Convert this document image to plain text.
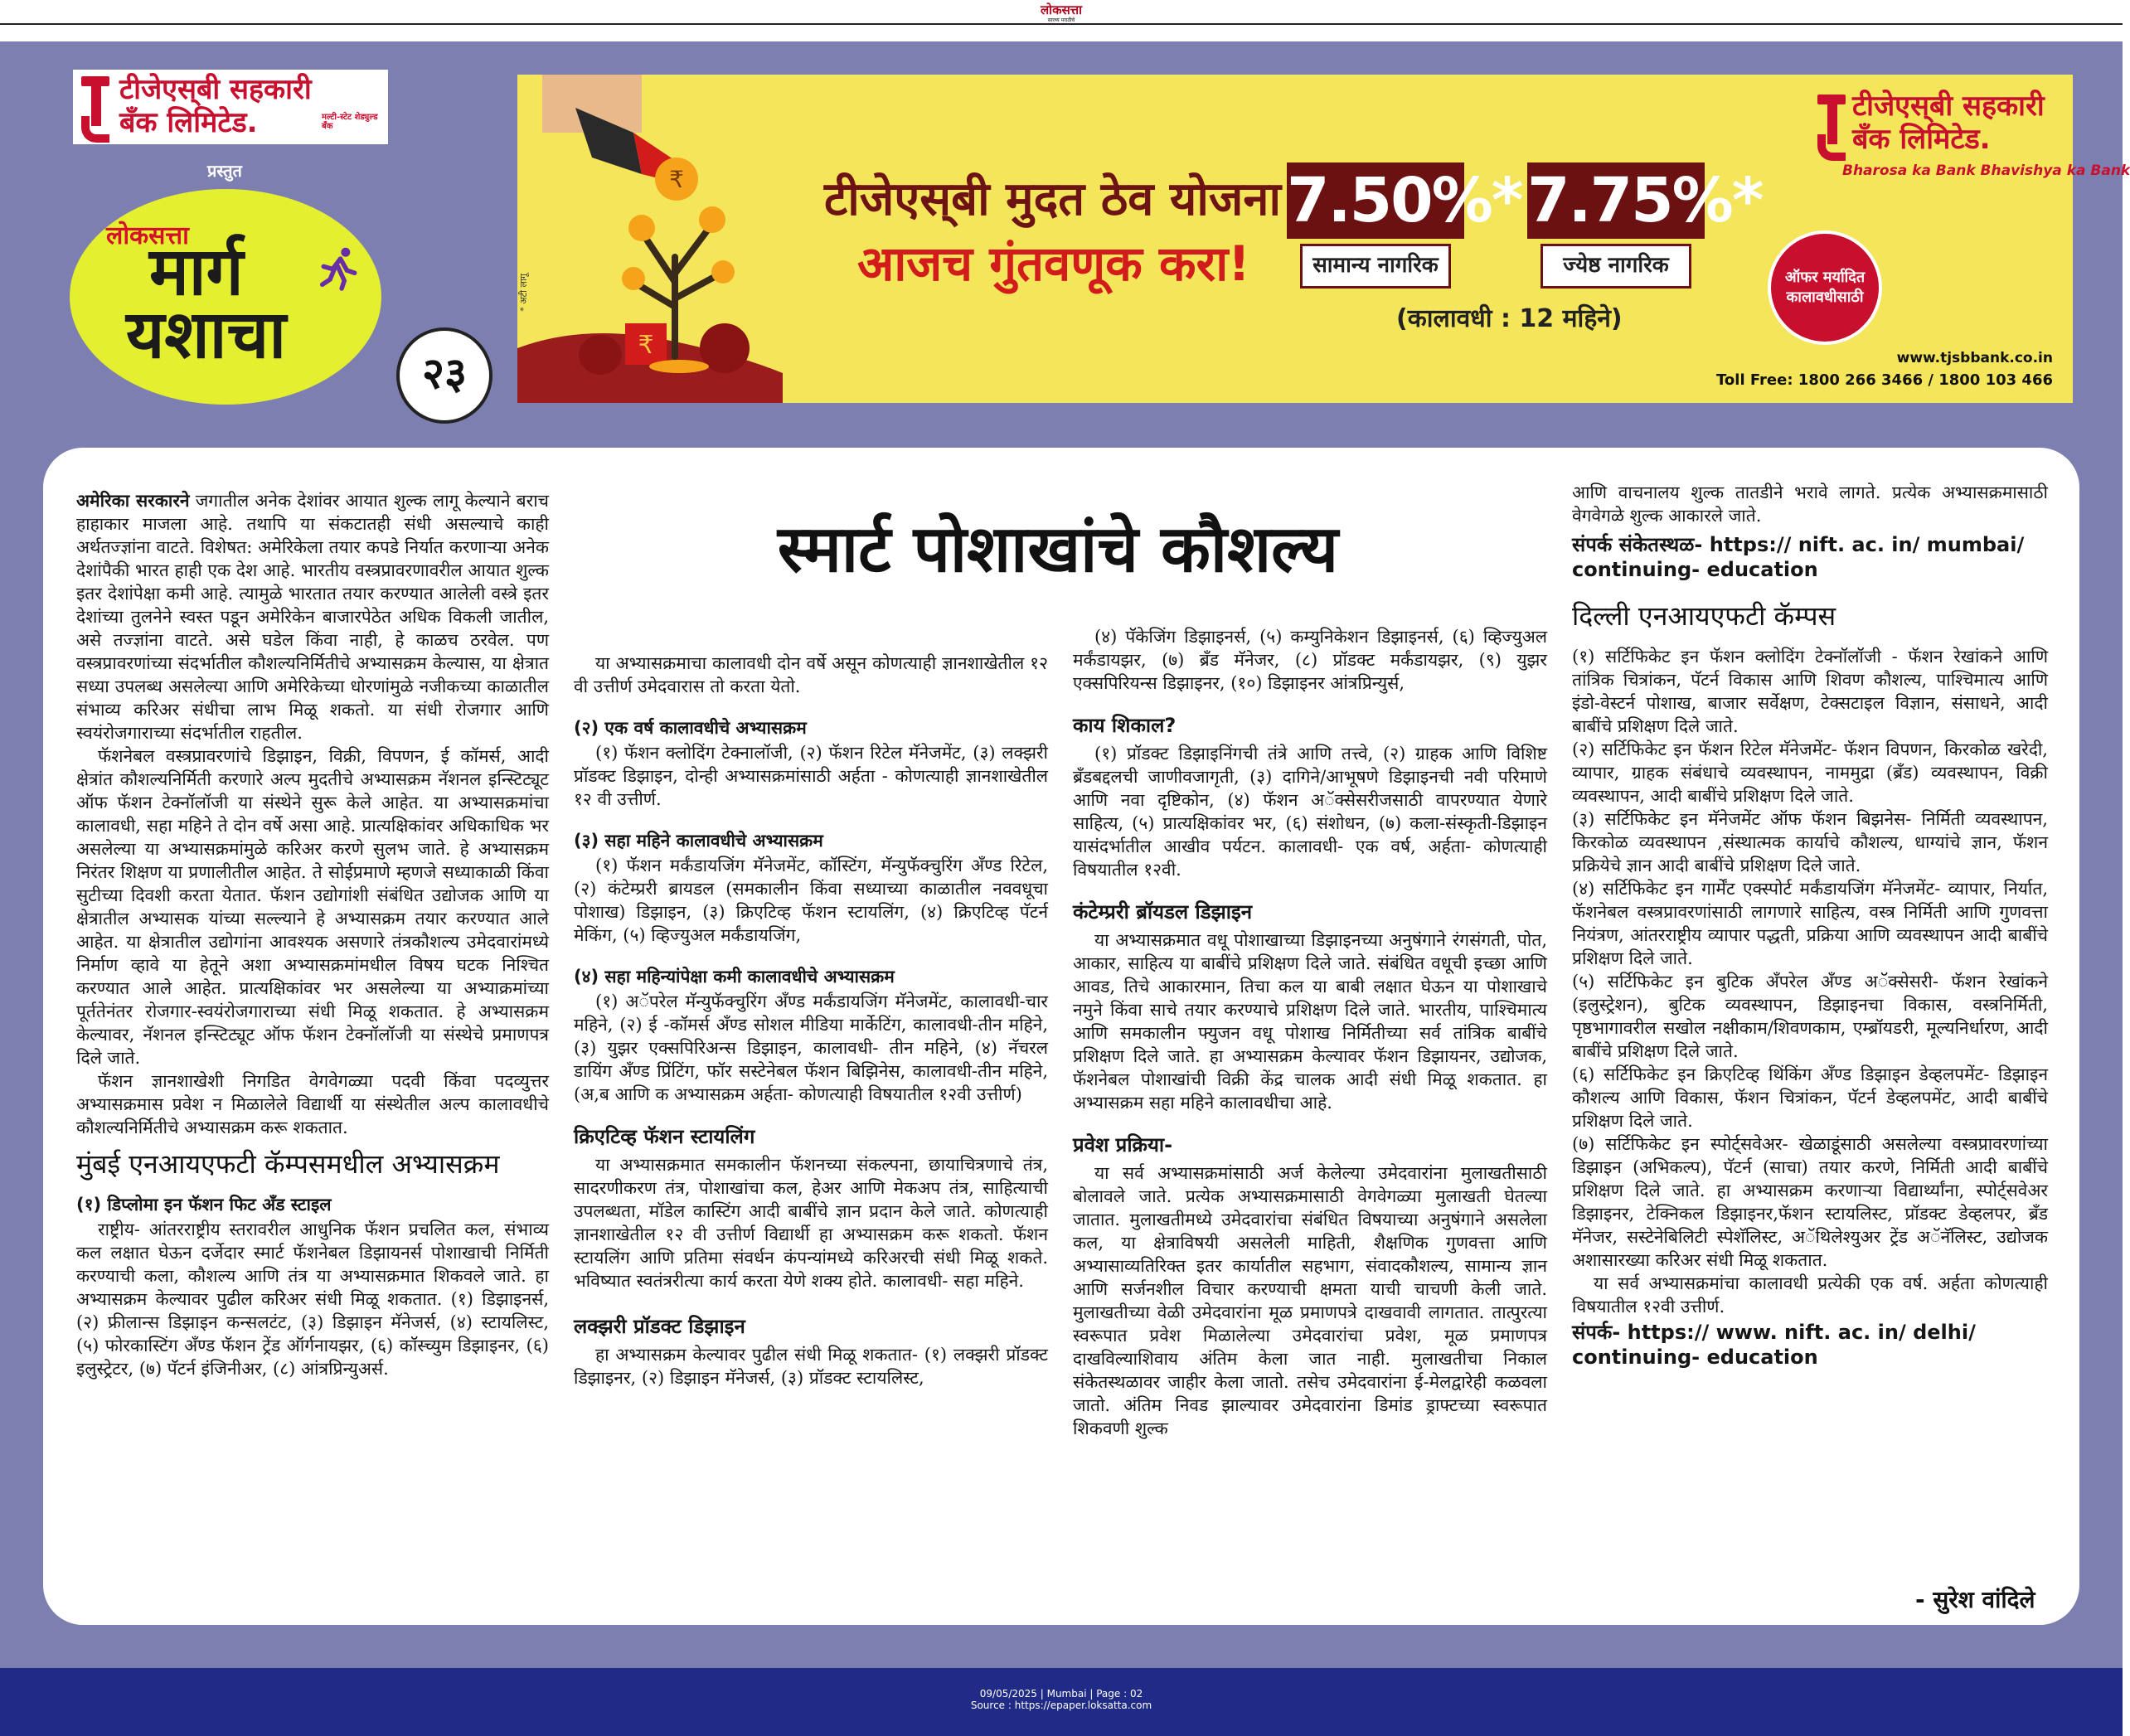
लोकसत्ता
सारथ्य मराठीचे
टीजेएस्‌बी सहकारी
बँक लिमिटेड.	मल्टी-स्टेट शेड्युल्ड बँक
प्रस्तुत
लोकसत्ता
मार्ग
यशाचा
२३
₹
₹
* अटी लागू
टीजेएस्‌बी मुदत ठेव योजना
आजच गुंतवणूक करा!
7.50%*
सामान्य नागरिक
7.75%*
ज्येष्ठ नागरिक
(कालावधी : 12 महिने)
टीजेएस्‌बी सहकारी
बँक लिमिटेड.
Bharosa ka Bank Bhavishya ka Bank
ऑफर मर्यादित कालावधीसाठी
www.tjsbbank.co.in
Toll Free: 1800 266 3466 / 1800 103 466
स्मार्ट पोशाखांचे कौशल्य

अमेरिका सरकारने जगातील अनेक देशांवर आयात शुल्क लागू केल्याने बराच हाहाकार माजला आहे. तथापि या संकटातही संधी असल्याचे काही अर्थतज्ज्ञांना वाटते. विशेषत: अमेरिकेला तयार कपडे निर्यात करणाऱ्या अनेक देशांपैकी भारत हाही एक देश आहे. भारतीय वस्त्रप्रावरणावरील आयात शुल्क इतर देशांपेक्षा कमी आहे. त्यामुळे भारतात तयार करण्यात आलेली वस्त्रे इतर देशांच्या तुलनेने स्वस्त पडून अमेरिकेन बाजारपेठेत अधिक विकली जातील, असे तज्ज्ञांना वाटते. असे घडेल किंवा नाही, हे काळच ठरवेल. पण वस्त्रप्रावरणांच्या संदर्भातील कौशल्यनिर्मितीचे अभ्यासक्रम केल्यास, या क्षेत्रात सध्या उपलब्ध असलेल्या आणि अमेरिकेच्या धोरणांमुळे नजीकच्या काळातील संभाव्य करिअर संधीचा लाभ मिळू शकतो. या संधी रोजगार आणि स्वयंरोजगाराच्या संदर्भातील राहतील.

फॅशनेबल वस्त्रप्रावरणांचे डिझाइन, विक्री, विपणन, ई कॉमर्स, आदी क्षेत्रांत कौशल्यनिर्मिती करणारे अल्प मुदतीचे अभ्यासक्रम नॅशनल इन्स्टिट्यूट ऑफ फॅशन टेक्नॉलॉजी या संस्थेने सुरू केले आहेत. या अभ्यासक्रमांचा कालावधी, सहा महिने ते दोन वर्षे असा आहे. प्रात्यक्षिकांवर अधिकाधिक भर असलेल्या या अभ्यासक्रमांमुळे करिअर करणे सुलभ जाते. हे अभ्यासक्रम निरंतर शिक्षण या प्रणालीतील आहेत. ते सोईप्रमाणे म्हणजे सध्याकाळी किंवा सुटीच्या दिवशी करता येतात. फॅशन उद्योगांशी संबंधित उद्योजक आणि या क्षेत्रातील अभ्यासक यांच्या सल्ल्याने हे अभ्यासक्रम तयार करण्यात आले आहेत. या क्षेत्रातील उद्योगांना आवश्यक असणारे तंत्रकौशल्य उमेदवारांमध्ये निर्माण व्हावे या हेतूने अशा अभ्यासक्रमांमधील विषय घटक निश्चित करण्यात आले आहेत. प्रात्यक्षिकांवर भर असलेल्या या अभ्याक्रमांच्या पूर्ततेनंतर रोजगार-स्वयंरोजगाराच्या संधी मिळू शकतात. हे अभ्यासक्रम केल्यावर, नॅशनल इन्स्टिट्यूट ऑफ फॅशन टेक्नॉलॉजी या संस्थेचे प्रमाणपत्र दिले जाते.

फॅशन ज्ञानशाखेशी निगडित वेगवेगळ्या पदवी किंवा पदव्युत्तर अभ्यासक्रमास प्रवेश न मिळालेले विद्यार्थी या संस्थेतील अल्प कालावधीचे कौशल्यनिर्मितीचे अभ्यासक्रम करू शकतात.

मुंबई एनआयएफटी कॅम्पसमधील अभ्यासक्रम
(१) डिप्लोमा इन फॅशन फिट अँड स्टाइल

राष्ट्रीय- आंतरराष्ट्रीय स्तरावरील आधुनिक फॅशन प्रचलित कल, संभाव्य कल लक्षात घेऊन दर्जेदार स्मार्ट फॅशनेबल डिझायनर्स पोशाखाची निर्मिती करण्याची कला, कौशल्य आणि तंत्र या अभ्यासक्रमात शिकवले जाते. हा अभ्यासक्रम केल्यावर पुढील करिअर संधी मिळू शकतात. (१) डिझाइनर्स, (२) फ्रीलान्स डिझाइन कन्सलटंट, (३) डिझाइन मॅनेजर्स, (४) स्टायलिस्ट, (५) फोरकास्टिंग अँण्ड फॅशन ट्रेंड ऑर्गनायझर, (६) कॉस्च्युम डिझाइनर, (६) इलुस्ट्रेटर, (७) पॅटर्न इंजिनीअर, (८) आंत्रप्रिन्युअर्स.

या अभ्यासक्रमाचा कालावधी दोन वर्षे असून कोणत्याही ज्ञानशाखेतील १२ वी उत्तीर्ण उमेदवारास तो करता येतो.

(२) एक वर्ष कालावधीचे अभ्यासक्रम

(१) फॅशन क्लोदिंग टेक्नालॉजी, (२) फॅशन रिटेल मॅनेजमेंट, (३) लक्झरी प्रॉडक्ट डिझाइन, दोन्ही अभ्यासक्रमांसाठी अर्हता - कोणत्याही ज्ञानशाखेतील १२ वी उत्तीर्ण.

(३) सहा महिने कालावधीचे अभ्यासक्रम

(१) फॅशन मर्कंडायजिंग मॅनेजमेंट, कॉस्टिंग, मॅन्युफॅक्चुरिंग अँण्ड रिटेल, (२) कंटेम्प्ररी ब्रायडल (समकालीन किंवा सध्याच्या काळातील नववधूचा पोशाख) डिझाइन, (३) क्रिएटिव्ह फॅशन स्टायलिंग, (४) क्रिएटिव्ह पॅटर्न मेकिंग, (५) व्हिज्युअल मर्कंडायजिंग,

(४) सहा महिन्यांपेक्षा कमी कालावधीचे अभ्यासक्रम

(१) अॅपरेल मॅन्युफॅक्चुरिंग अँण्ड मर्कंडायजिंग मॅनेजमेंट, कालावधी-चार महिने, (२) ई -कॉमर्स अँण्ड सोशल मीडिया मार्केटिंग, कालावधी-तीन महिने, (३) युझर एक्सपिरिअन्स डिझाइन, कालावधी- तीन महिने, (४) नॅचरल डायिंग अँण्ड प्रिंटिंग, फॉर सस्टेनेबल फॅशन बिझिनेस, कालावधी-तीन महिने, (अ,ब आणि क अभ्यासक्रम अर्हता- कोणत्याही विषयातील १२वी उत्तीर्ण)

क्रिएटिव्ह फॅशन स्टायलिंग

या अभ्यासक्रमात समकालीन फॅशनच्या संकल्पना, छायाचित्रणाचे तंत्र, सादरणीकरण तंत्र, पोशाखांचा कल, हेअर आणि मेकअप तंत्र, साहित्याची उपलब्धता, मॉडेल कास्टिंग आदी बाबींचे ज्ञान प्रदान केले जाते. कोणत्याही ज्ञानशाखेतील १२ वी उत्तीर्ण विद्यार्थी हा अभ्यासक्रम करू शकतो. फॅशन स्टायलिंग आणि प्रतिमा संवर्धन कंपन्यांमध्ये करिअरची संधी मिळू शकते. भविष्यात स्वतंत्ररीत्या कार्य करता येणे शक्य होते. कालावधी- सहा महिने.

लक्झरी प्रॉडक्ट डिझाइन

हा अभ्यासक्रम केल्यावर पुढील संधी मिळू शकतात- (१) लक्झरी प्रॉडक्ट डिझाइनर, (२) डिझाइन मॅनेजर्स, (३) प्रॉडक्ट स्टायलिस्ट,

(४) पॅकेजिंग डिझाइनर्स, (५) कम्युनिकेशन डिझाइनर्स, (६) व्हिज्युअल मर्कंडायझर, (७) ब्रँड मॅनेजर, (८) प्रॉडक्ट मर्कंडायझर, (९) युझर एक्सपिरियन्स डिझाइनर, (१०) डिझाइनर आंत्रप्रिन्युर्स,

काय शिकाल?

(१) प्रॉडक्ट डिझाइनिंगची तंत्रे आणि तत्त्वे, (२) ग्राहक आणि विशिष्ट ब्रँडबद्दलची जाणीवजागृती, (३) दागिने/आभूषणे डिझाइनची नवी परिमाणे आणि नवा दृष्टिकोन, (४) फॅशन अॅक्सेसरीजसाठी वापरण्यात येणारे साहित्य, (५) प्रात्यक्षिकांवर भर, (६) संशोधन, (७) कला-संस्कृती-डिझाइन यासंदर्भातील आखीव पर्यटन. कालावधी- एक वर्ष, अर्हता- कोणत्याही विषयातील १२वी.

कंटेम्प्ररी ब्रॉयडल डिझाइन

या अभ्यासक्रमात वधू पोशाखाच्या डिझाइनच्या अनुषंगाने रंगसंगती, पोत, आकार, साहित्य या बाबींचे प्रशिक्षण दिले जाते. संबंधित वधूची इच्छा आणि आवड, तिचे आकारमान, तिचा कल या बाबी लक्षात घेऊन या पोशाखाचे नमुने किंवा साचे तयार करण्याचे प्रशिक्षण दिले जाते. भारतीय, पाश्चिमात्य आणि समकालीन फ्युजन वधू पोशाख निर्मितीच्या सर्व तांत्रिक बाबींचे प्रशिक्षण दिले जाते. हा अभ्यासक्रम केल्यावर फॅशन डिझायनर, उद्योजक, फॅशनेबल पोशाखांची विक्री केंद्र चालक आदी संधी मिळू शकतात. हा अभ्यासक्रम सहा महिने कालावधीचा आहे.

प्रवेश प्रक्रिया-

या सर्व अभ्यासक्रमांसाठी अर्ज केलेल्या उमेदवारांना मुलाखतीसाठी बोलावले जाते. प्रत्येक अभ्यासक्रमासाठी वेगवेगळ्या मुलाखती घेतल्या जातात. मुलाखतीमध्ये उमेदवारांचा संबंधित विषयाच्या अनुषंगाने असलेला कल, या क्षेत्राविषयी असलेली माहिती, शैक्षणिक गुणवत्ता आणि अभ्यासाव्यतिरिक्त इतर कार्यातील सहभाग, संवादकौशल्य, सामान्य ज्ञान आणि सर्जनशील विचार करण्याची क्षमता याची चाचणी केली जाते. मुलाखतीच्या वेळी उमेदवारांना मूळ प्रमाणपत्रे दाखवावी लागतात. तात्पुरत्या स्वरूपात प्रवेश मिळालेल्या उमेदवारांचा प्रवेश, मूळ प्रमाणपत्र दाखविल्याशिवाय अंतिम केला जात नाही. मुलाखतीचा निकाल संकेतस्थळावर जाहीर केला जातो. तसेच उमेदवारांना ई-मेलद्वारेही कळवला जातो. अंतिम निवड झाल्यावर उमेदवारांना डिमांड ड्राफ्टच्या स्वरूपात शिकवणी शुल्क

आणि वाचनालय शुल्क तातडीने भरावे लागते. प्रत्येक अभ्यासक्रमासाठी वेगवेगळे शुल्क आकारले जाते.

संपर्क संकेतस्थळ- https:// nift. ac. in/ mumbai/ continuing- education
दिल्ली एनआयएफटी कॅम्पस

(१) सर्टिफिकेट इन फॅशन क्लोदिंग टेक्नॉलॉजी - फॅशन रेखांकने आणि तांत्रिक चित्रांकन, पॅटर्न विकास आणि शिवण कौशल्य, पाश्चिमात्य आणि इंडो-वेस्टर्न पोशाख, बाजार सर्वेक्षण, टेक्सटाइल विज्ञान, संसाधने, आदी बाबींचे प्रशिक्षण दिले जाते.

(२) सर्टिफिकेट इन फॅशन रिटेल मॅनेजमेंट- फॅशन विपणन, किरकोळ खरेदी, व्यापार, ग्राहक संबंधाचे व्यवस्थापन, नाममुद्रा (ब्रँड) व्यवस्थापन, विक्री व्यवस्थापन, आदी बाबींचे प्रशिक्षण दिले जाते.

(३) सर्टिफिकेट इन मॅनेजमेंट ऑफ फॅशन बिझनेस- निर्मिती व्यवस्थापन, किरकोळ व्यवस्थापन ,संस्थात्मक कार्याचे कौशल्य, धाग्यांचे ज्ञान, फॅशन प्रक्रियेचे ज्ञान आदी बाबींचे प्रशिक्षण दिले जाते.

(४) सर्टिफिकेट इन गार्मेंट एक्स्पोर्ट मर्कंडायजिंग मॅनेजमेंट- व्यापार, निर्यात, फॅशनेबल वस्त्रप्रावरणांसाठी लागणारे साहित्य, वस्त्र निर्मिती आणि गुणवत्ता नियंत्रण, आंतरराष्ट्रीय व्यापार पद्धती, प्रक्रिया आणि व्यवस्थापन आदी बाबींचे प्रशिक्षण दिले जाते.

(५) सर्टिफिकेट इन बुटिक अँपरेल अँण्ड अॅक्सेसरी- फॅशन रेखांकने (इलुस्ट्रेशन), बुटिक व्यवस्थापन, डिझाइनचा विकास, वस्त्रनिर्मिती, पृष्ठभागावरील सखोल नक्षीकाम/शिवणकाम, एम्ब्रॉयडरी, मूल्यनिर्धारण, आदी बाबींचे प्रशिक्षण दिले जाते.

(६) सर्टिफिकेट इन क्रिएटिव्ह थिंकिंग अँण्ड डिझाइन डेव्हलपमेंट- डिझाइन कौशल्य आणि विकास, फॅशन चित्रांकन, पॅटर्न डेव्हलपमेंट, आदी बाबींचे प्रशिक्षण दिले जाते.

(७) सर्टिफिकेट इन स्पोर्ट्सवेअर- खेळाडूंसाठी असलेल्या वस्त्रप्रावरणांच्या डिझाइन (अभिकल्प), पॅटर्न (साचा) तयार करणे, निर्मिती आदी बाबींचे प्रशिक्षण दिले जाते. हा अभ्यासक्रम करणाऱ्या विद्यार्थ्यांना, स्पोर्ट्सवेअर डिझाइनर, टेक्निकल डिझाइनर,फॅशन स्टायलिस्ट, प्रॉडक्ट डेव्हलपर, ब्रँड मॅनेजर, सस्टेनेबिलिटी स्पेशॅलिस्ट, अॅथिलेश्युअर ट्रेंड अॅनॅलिस्ट, उद्योजक अशासारख्या करिअर संधी मिळू शकतात.

या सर्व अभ्यासक्रमांचा कालावधी प्रत्येकी एक वर्ष. अर्हता कोणत्याही विषयातील १२वी उत्तीर्ण.

संपर्क- https:// www. nift. ac. in/ delhi/ continuing- education
- सुरेश वांदिले
09/05/2025 | Mumbai | Page : 02
Source : https://epaper.loksatta.com
